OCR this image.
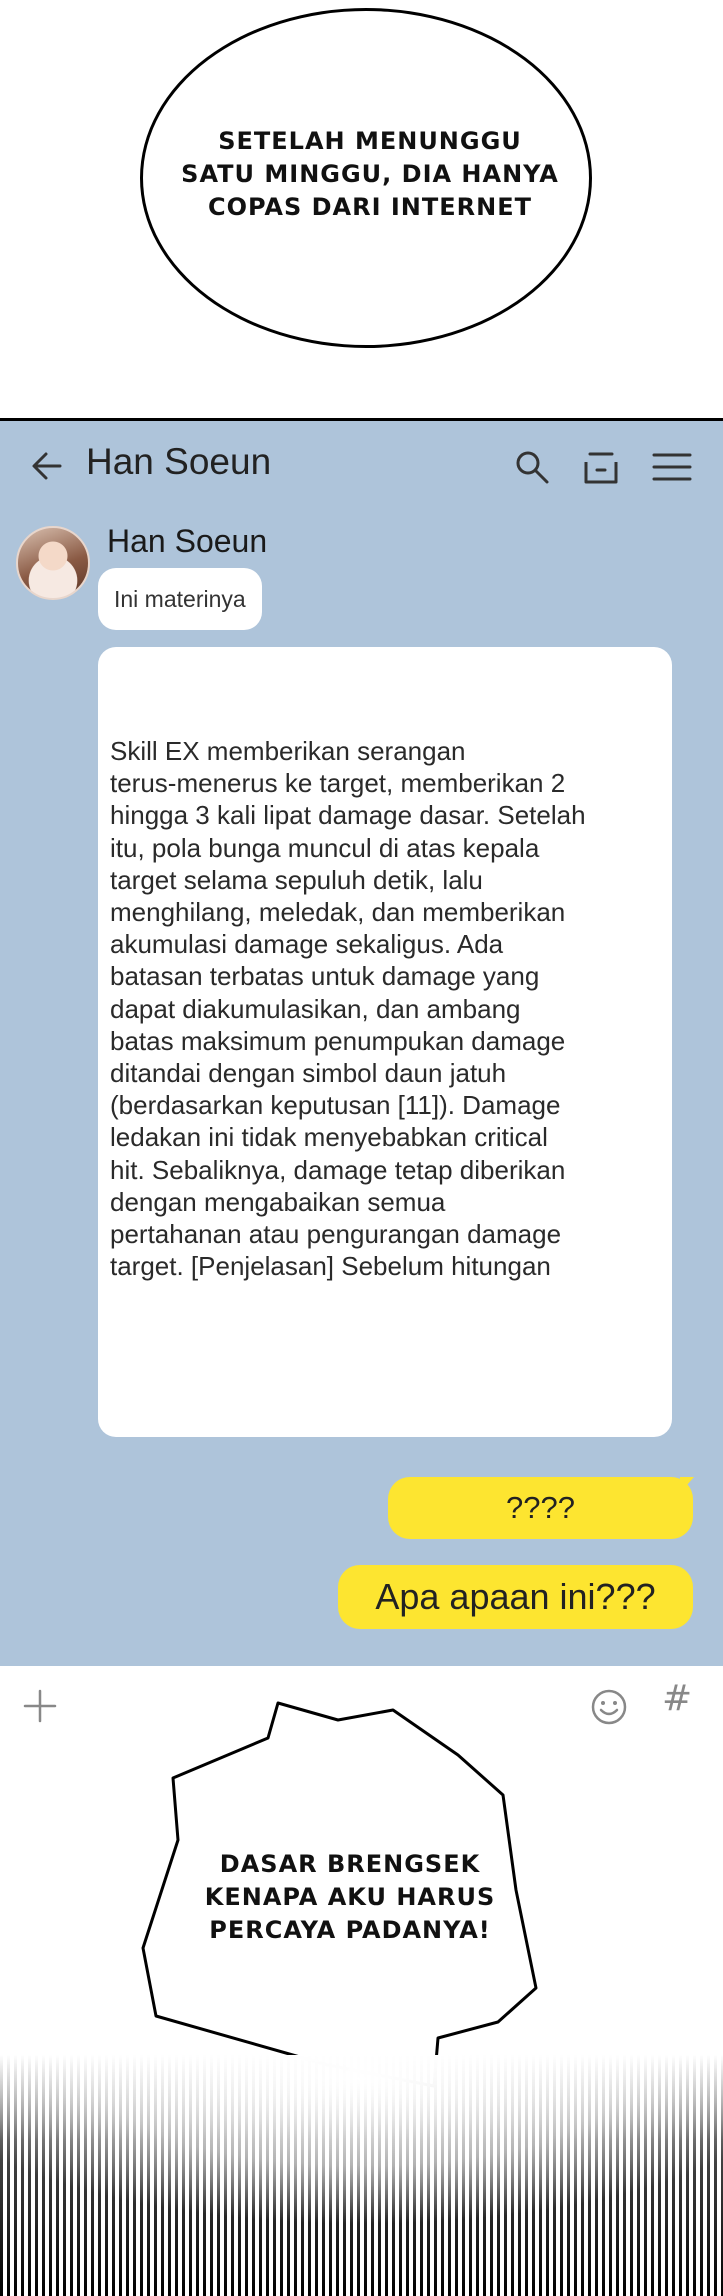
SETELAH MENUNGGU
SATU MINGGU, DIA HANYA
COPAS DARI INTERNET
Han Soeun
Han Soeun
Ini materinya

Skill EX memberikan serangan
terus-menerus ke target, memberikan 2
hingga 3 kali lipat damage dasar. Setelah
itu, pola bunga muncul di atas kepala
target selama sepuluh detik, lalu
menghilang, meledak, dan memberikan
akumulasi damage sekaligus. Ada
batasan terbatas untuk damage yang
dapat diakumulasikan, dan ambang
batas maksimum penumpukan damage
ditandai dengan simbol daun jatuh
(berdasarkan keputusan [11]). Damage
ledakan ini tidak menyebabkan critical
hit. Sebaliknya, damage tetap diberikan
dengan mengabaikan semua
pertahanan atau pengurangan damage
target. [Penjelasan] Sebelum hitungan

????
Apa apaan ini???
#
DASAR BRENGSEK
KENAPA AKU HARUS
PERCAYA PADANYA!
